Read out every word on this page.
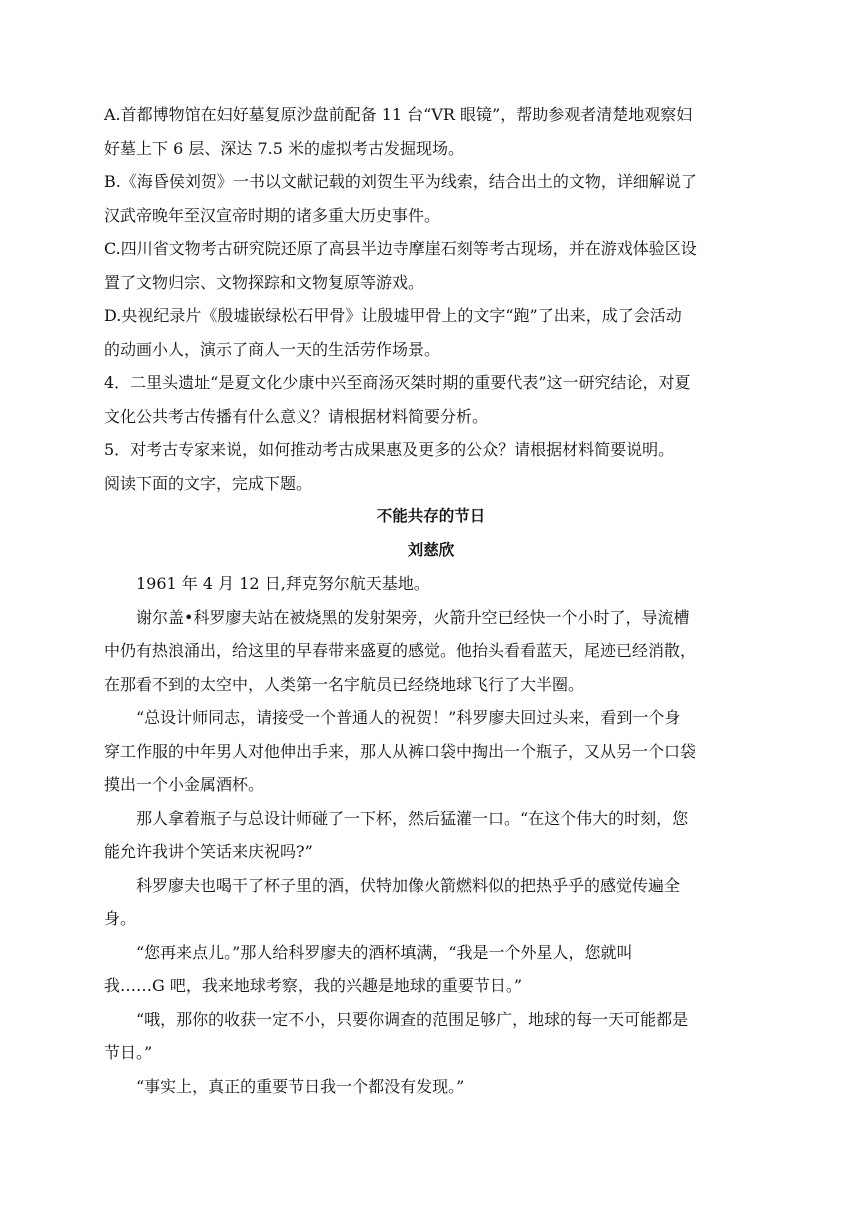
A.首都博物馆在妇好墓复原沙盘前配备 11 台“VR 眼镜”，帮助参观者清楚地观察妇

好墓上下 6 层、深达 7.5 米的虚拟考古发掘现场。

B.《海昏侯刘贺》一书以文献记载的刘贺生平为线索，结合出土的文物，详细解说了

汉武帝晚年至汉宣帝时期的诸多重大历史事件。

C.四川省文物考古研究院还原了高县半边寺摩崖石刻等考古现场，并在游戏体验区设

置了文物归宗、文物探踪和文物复原等游戏。

D.央视纪录片《殷墟嵌绿松石甲骨》让殷墟甲骨上的文字“跑”了出来，成了会活动

的动画小人，演示了商人一天的生活劳作场景。

4．二里头遗址“是夏文化少康中兴至商汤灭桀时期的重要代表”这一研究结论，对夏

文化公共考古传播有什么意义？请根据材料简要分析。

5．对考古专家来说，如何推动考古成果惠及更多的公众？请根据材料简要说明。

阅读下面的文字，完成下题。

不能共存的节日

刘慈欣

1961 年 4 月 12 日,拜克努尔航天基地。

谢尔盖•科罗廖夫站在被烧黑的发射架旁，火箭升空已经快一个小时了，导流槽

中仍有热浪涌出，给这里的早春带来盛夏的感觉。他抬头看看蓝天，尾迹已经消散，

在那看不到的太空中，人类第一名宇航员已经绕地球飞行了大半圈。

“总设计师同志，请接受一个普通人的祝贺！”科罗廖夫回过头来，看到一个身

穿工作服的中年男人对他伸出手来，那人从裤口袋中掏出一个瓶子，又从另一个口袋

摸出一个小金属酒杯。

那人拿着瓶子与总设计师碰了一下杯，然后猛灌一口。“在这个伟大的时刻，您

能允许我讲个笑话来庆祝吗?”

科罗廖夫也喝干了杯子里的酒，伏特加像火箭燃料似的把热乎乎的感觉传遍全

身。

“您再来点儿。”那人给科罗廖夫的酒杯填满，“我是一个外星人，您就叫

我……G 吧，我来地球考察，我的兴趣是地球的重要节日。”

“哦，那你的收获一定不小，只要你调查的范围足够广，地球的每一天可能都是

节日。”

“事实上，真正的重要节日我一个都没有发现。”
